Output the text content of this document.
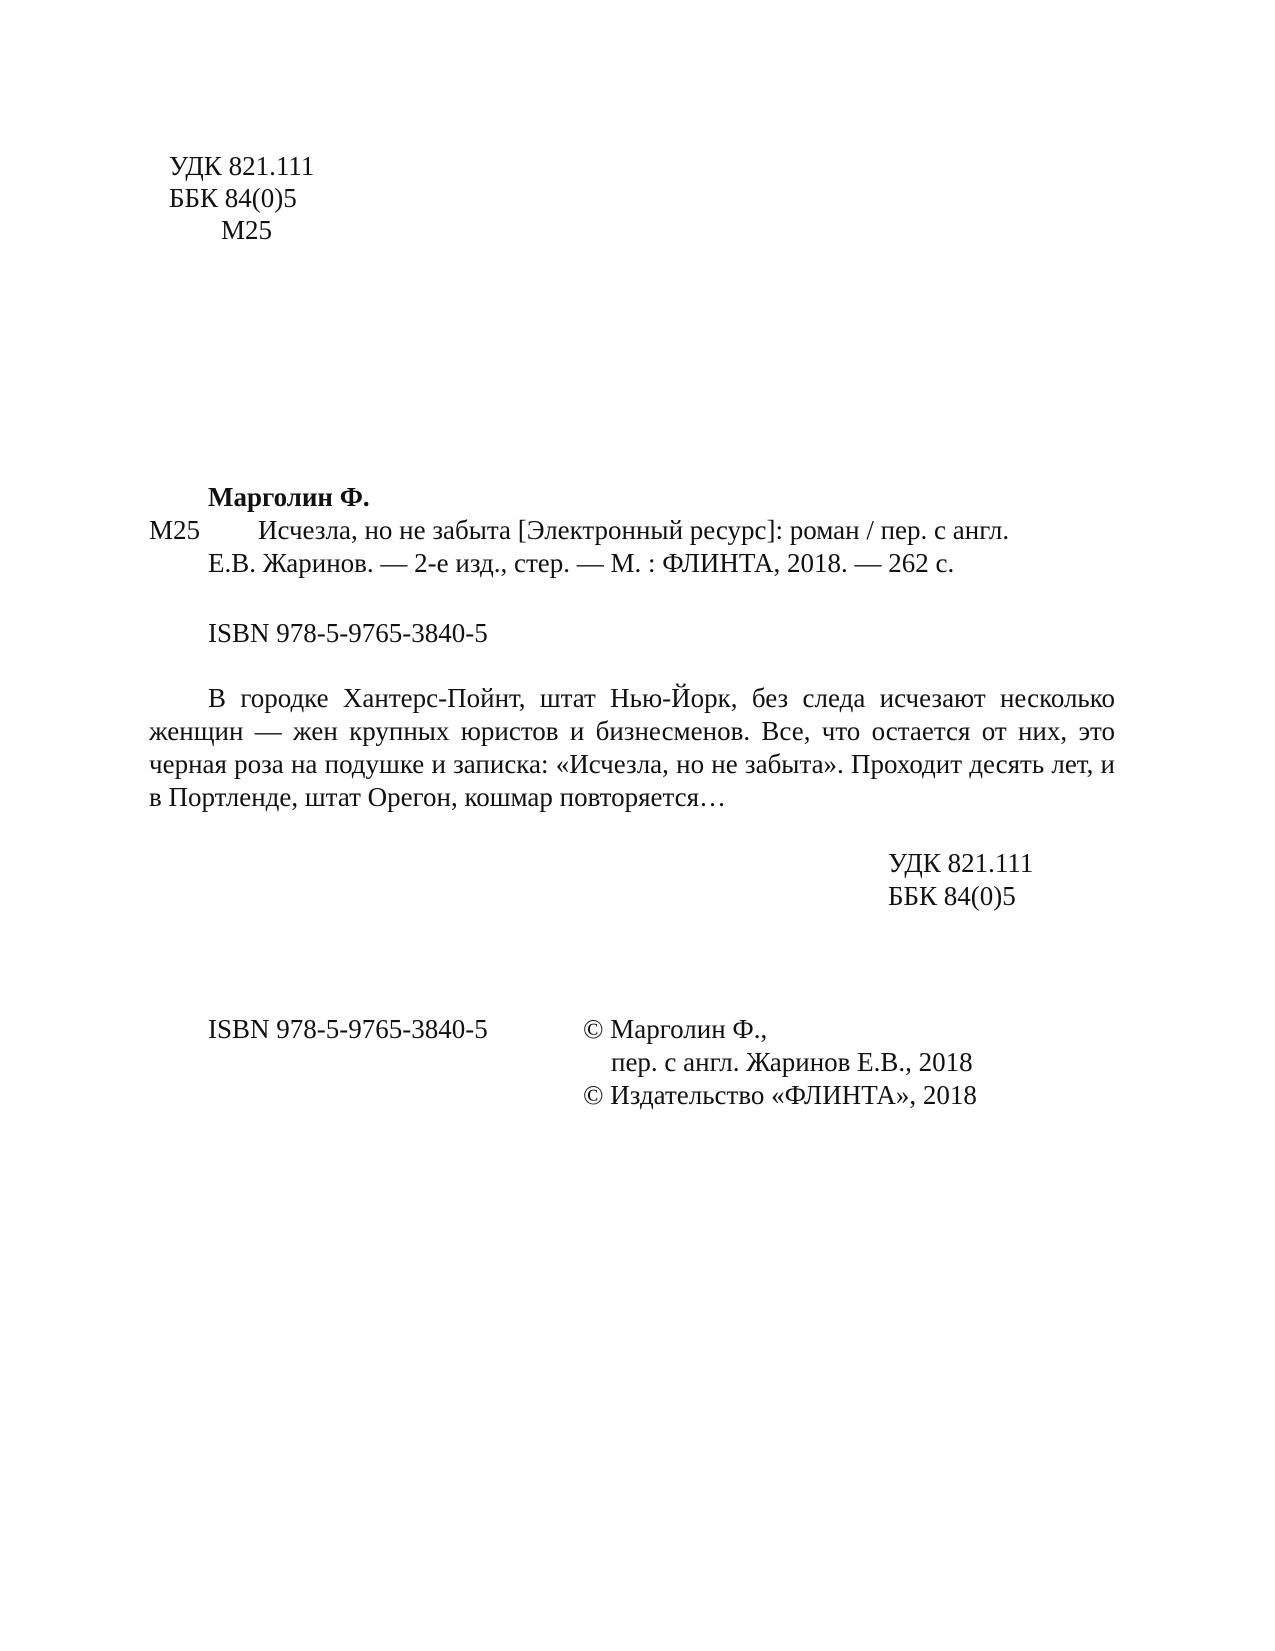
УДК 821.111
ББК 84(0)5
М25
Марголин Ф.
М25 Исчезла, но не забыта [Электронный ресурс]: роман / пер. с англ.
Е.В. Жаринов. — 2-е изд., стер. — М. : ФЛИНТА, 2018. — 262 с.
ISBN 978-5-9765-3840-5

В городке Хантерс-Пойнт, штат Нью-Йорк, без следа исчезают несколько женщин — жен крупных юристов и бизнесменов. Все, что остается от них, это черная роза на подушке и записка: «Исчезла, но не забыта». Проходит десять лет, и в Портленде, штат Орегон, кошмар повторяется…

УДК 821.111
ББК 84(0)5
ISBN 978-5-9765-3840-5	© Марголин Ф.,
пер. с англ. Жаринов Е.В., 2018
© Издательство «ФЛИНТА», 2018
